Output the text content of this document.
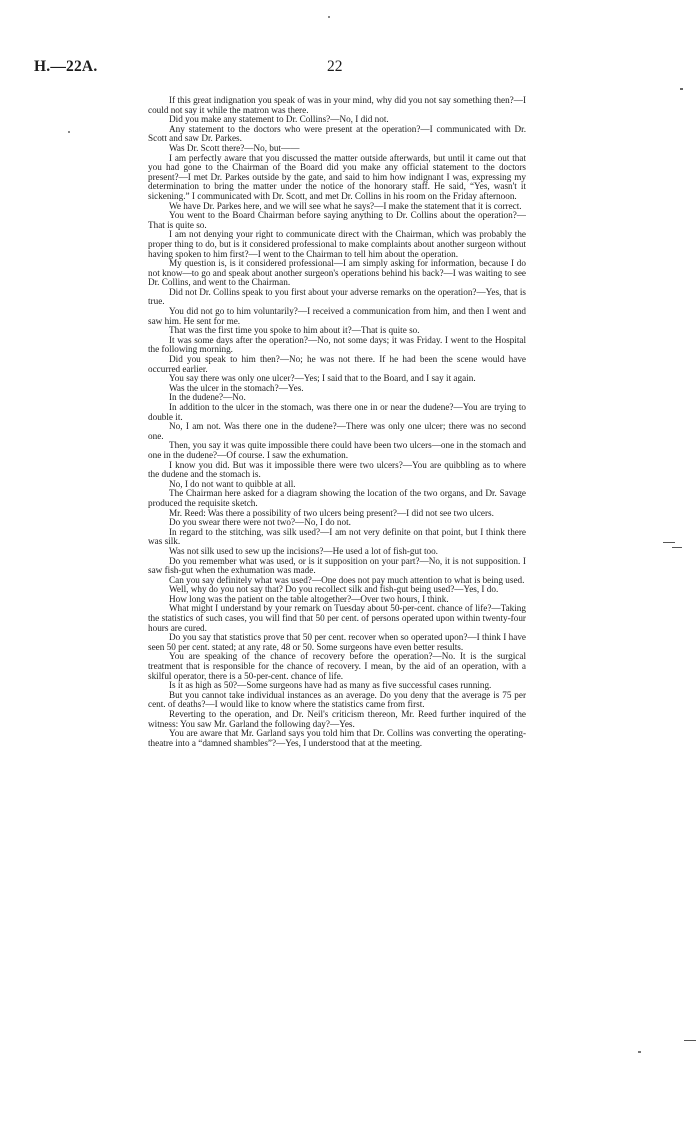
H.—22A.	22

If this great indignation you speak of was in your mind, why did you not say something then?—I could not say it while the matron was there.

Did you make any statement to Dr. Collins?—No, I did not.

Any statement to the doctors who were present at the operation?—I communicated with Dr. Scott and saw Dr. Parkes.

Was Dr. Scott there?—No, but——

I am perfectly aware that you discussed the matter outside afterwards, but until it came out that you had gone to the Chairman of the Board did you make any official statement to the doctors present?—I met Dr. Parkes outside by the gate, and said to him how indignant I was, expressing my determination to bring the matter under the notice of the honorary staff. He said, “Yes, wasn't it sickening.” I communicated with Dr. Scott, and met Dr. Collins in his room on the Friday afternoon.

We have Dr. Parkes here, and we will see what he says?—I make the statement that it is correct.

You went to the Board Chairman before saying anything to Dr. Collins about the operation?—That is quite so.

I am not denying your right to communicate direct with the Chairman, which was probably the proper thing to do, but is it considered professional to make complaints about another surgeon without having spoken to him first?—I went to the Chairman to tell him about the operation.

My question is, is it considered professional—I am simply asking for information, because I do not know—to go and speak about another surgeon's operations behind his back?—I was waiting to see Dr. Collins, and went to the Chairman.

Did not Dr. Collins speak to you first about your adverse remarks on the operation?—Yes, that is true.

You did not go to him voluntarily?—I received a communication from him, and then I went and saw him. He sent for me.

That was the first time you spoke to him about it?—That is quite so.

It was some days after the operation?—No, not some days; it was Friday. I went to the Hospital the following morning.

Did you speak to him then?—No; he was not there. If he had been the scene would have occurred earlier.

You say there was only one ulcer?—Yes; I said that to the Board, and I say it again.

Was the ulcer in the stomach?—Yes.

In the dudene?—No.

In addition to the ulcer in the stomach, was there one in or near the dudene?—You are trying to double it.

No, I am not. Was there one in the dudene?—There was only one ulcer; there was no second one.

Then, you say it was quite impossible there could have been two ulcers—one in the stomach and one in the dudene?—Of course. I saw the exhumation.

I know you did. But was it impossible there were two ulcers?—You are quibbling as to where the dudene and the stomach is.

No, I do not want to quibble at all.

The Chairman here asked for a diagram showing the location of the two organs, and Dr. Savage produced the requisite sketch.

Mr. Reed: Was there a possibility of two ulcers being present?—I did not see two ulcers.

Do you swear there were not two?—No, I do not.

In regard to the stitching, was silk used?—I am not very definite on that point, but I think there was silk.

Was not silk used to sew up the incisions?—He used a lot of fish-gut too.

Do you remember what was used, or is it supposition on your part?—No, it is not supposition. I saw fish-gut when the exhumation was made.

Can you say definitely what was used?—One does not pay much attention to what is being used.

Well, why do you not say that? Do you recollect silk and fish-gut being used?—Yes, I do.

How long was the patient on the table altogether?—Over two hours, I think.

What might I understand by your remark on Tuesday about 50-per-cent. chance of life?—Taking the statistics of such cases, you will find that 50 per cent. of persons operated upon within twenty-four hours are cured.

Do you say that statistics prove that 50 per cent. recover when so operated upon?—I think I have seen 50 per cent. stated; at any rate, 48 or 50. Some surgeons have even better results.

You are speaking of the chance of recovery before the operation?—No. It is the surgical treatment that is responsible for the chance of recovery. I mean, by the aid of an operation, with a skilful operator, there is a 50-per-cent. chance of life.

Is it as high as 50?—Some surgeons have had as many as five successful cases running.

But you cannot take individual instances as an average. Do you deny that the average is 75 per cent. of deaths?—I would like to know where the statistics came from first.

Reverting to the operation, and Dr. Neil's criticism thereon, Mr. Reed further inquired of the witness: You saw Mr. Garland the following day?—Yes.

You are aware that Mr. Garland says you told him that Dr. Collins was converting the operating-theatre into a “damned shambles”?—Yes, I understood that at the meeting.
